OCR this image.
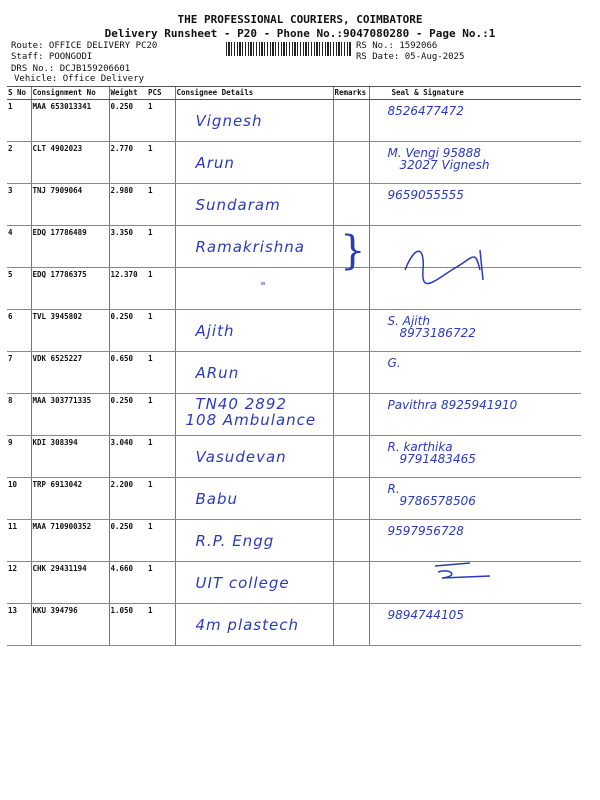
THE PROFESSIONAL COURIERS, COIMBATORE
Delivery Runsheet - P20 - Phone No.:9047080280 - Page No.:1
Route: OFFICE DELIVERY PC20
Staff: POONGODI
DRS No.: DCJB159206601
Vehicle: Office Delivery
RS No.: 1592066
RS Date: 05-Aug-2025
S No	Consignment No	Weight	PCS	Consignee Details	Remarks	Seal & Signature
1	MAA 653013341	0.250	1	Vignesh		8526477472

2	CLT 4902023	2.770	1	Arun		M. Vengi 95888
32027 Vignesh

3	TNJ 7909064	2.980	1	Sundaram		9659055555

4	EDQ 17786489	3.350	1	Ramakrishna		

5	EDQ 17786375	12.370	1	"		

6	TVL 3945802	0.250	1	Ajith		S. Ajith
8973186722

7	VDK 6525227	0.650	1	ARun		G.

8	MAA 303771335	0.250	1	TN40 2892
108 Ambulance		Pavithra 8925941910

9	KDI 308394	3.040	1	Vasudevan		R. karthika
9791483465

10	TRP 6913042	2.200	1	Babu		R.
9786578506

11	MAA 710900352	0.250	1	R.P. Engg		9597956728

12	CHK 29431194	4.660	1	UIT college		

13	KKU 394796	1.050	1	4m plastech		9894744105
}
